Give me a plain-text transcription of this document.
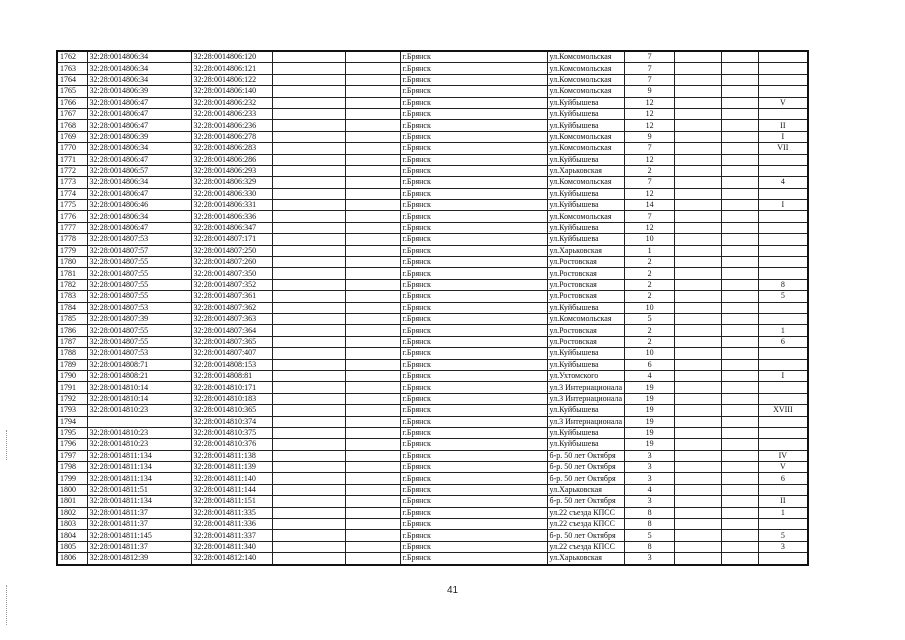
1762	32:28:0014806:34	32:28:0014806:120			г.Брянск	ул.Комсомольская	7			
1763	32:28:0014806:34	32:28:0014806:121			г.Брянск	ул.Комсомольская	7			
1764	32:28:0014806:34	32:28:0014806:122			г.Брянск	ул.Комсомольская	7			
1765	32:28:0014806:39	32:28:0014806:140			г.Брянск	ул.Комсомольская	9			
1766	32:28:0014806:47	32:28:0014806:232			г.Брянск	ул.Куйбышева	12			V
1767	32:28:0014806:47	32:28:0014806:233			г.Брянск	ул.Куйбышева	12			
1768	32:28:0014806:47	32:28:0014806:236			г.Брянск	ул.Куйбышева	12			II
1769	32:28:0014806:39	32:28:0014806:278			г.Брянск	ул.Комсомольская	9			I
1770	32:28:0014806:34	32:28:0014806:283			г.Брянск	ул.Комсомольская	7			VII
1771	32:28:0014806:47	32:28:0014806:286			г.Брянск	ул.Куйбышева	12			
1772	32:28:0014806:57	32:28:0014806:293			г.Брянск	ул.Харьковская	2			
1773	32:28:0014806:34	32:28:0014806:329			г.Брянск	ул.Комсомольская	7			4
1774	32:28:0014806:47	32:28:0014806:330			г.Брянск	ул.Куйбышева	12			
1775	32:28:0014806:46	32:28:0014806:331			г.Брянск	ул.Куйбышева	14			I
1776	32:28:0014806:34	32:28:0014806:336			г.Брянск	ул.Комсомольская	7			
1777	32:28:0014806:47	32:28:0014806:347			г.Брянск	ул.Куйбышева	12			
1778	32:28:0014807:53	32:28:0014807:171			г.Брянск	ул.Куйбышева	10			
1779	32:28:0014807:57	32:28:0014807:250			г.Брянск	ул.Харьковская	1			
1780	32:28:0014807:55	32:28:0014807:260			г.Брянск	ул.Ростовская	2			
1781	32:28:0014807:55	32:28:0014807:350			г.Брянск	ул.Ростовская	2			
1782	32:28:0014807:55	32:28:0014807:352			г.Брянск	ул.Ростовская	2			8
1783	32:28:0014807:55	32:28:0014807:361			г.Брянск	ул.Ростовская	2			5
1784	32:28:0014807:53	32:28:0014807:362			г.Брянск	ул.Куйбышева	10			
1785	32:28:0014807:39	32:28:0014807:363			г.Брянск	ул.Комсомольская	5			
1786	32:28:0014807:55	32:28:0014807:364			г.Брянск	ул.Ростовская	2			1
1787	32:28:0014807:55	32:28:0014807:365			г.Брянск	ул.Ростовская	2			6
1788	32:28:0014807:53	32:28:0014807:407			г.Брянск	ул.Куйбышева	10			
1789	32:28:0014808:71	32:28:0014808:153			г.Брянск	ул.Куйбышева	6			
1790	32:28:0014808:21	32:28:0014808:81			г.Брянск	ул.Ухтомского	4			I
1791	32:28:0014810:14	32:28:0014810:171			г.Брянск	ул.3 Интернационала	19			
1792	32:28:0014810:14	32:28:0014810:183			г.Брянск	ул.3 Интернационала	19			
1793	32:28:0014810:23	32:28:0014810:365			г.Брянск	ул.Куйбышева	19			XVIII
1794		32:28:0014810:374			г.Брянск	ул.3 Интернационала	19			
1795	32:28:0014810:23	32:28:0014810:375			г.Брянск	ул.Куйбышева	19			
1796	32:28:0014810:23	32:28:0014810:376			г.Брянск	ул.Куйбышева	19			
1797	32:28:0014811:134	32:28:0014811:138			г.Брянск	б-р. 50 лет Октября	3			IV
1798	32:28:0014811:134	32:28:0014811:139			г.Брянск	б-р. 50 лет Октября	3			V
1799	32:28:0014811:134	32:28:0014811:140			г.Брянск	б-р. 50 лет Октября	3			6
1800	32:28:0014811:51	32:28:0014811:144			г.Брянск	ул.Харьковская	4			
1801	32:28:0014811:134	32:28:0014811:151			г.Брянск	б-р. 50 лет Октября	3			II
1802	32:28:0014811:37	32:28:0014811:335			г.Брянск	ул.22 съезда КПСС	8			1
1803	32:28:0014811:37	32:28:0014811:336			г.Брянск	ул.22 съезда КПСС	8			
1804	32:28:0014811:145	32:28:0014811:337			г.Брянск	б-р. 50 лет Октября	5			5
1805	32:28:0014811:37	32:28:0014811:340			г.Брянск	ул.22 съезда КПСС	8			3
1806	32:28:0014812:39	32:28:0014812:140			г.Брянск	ул.Харьковская	3			
41
